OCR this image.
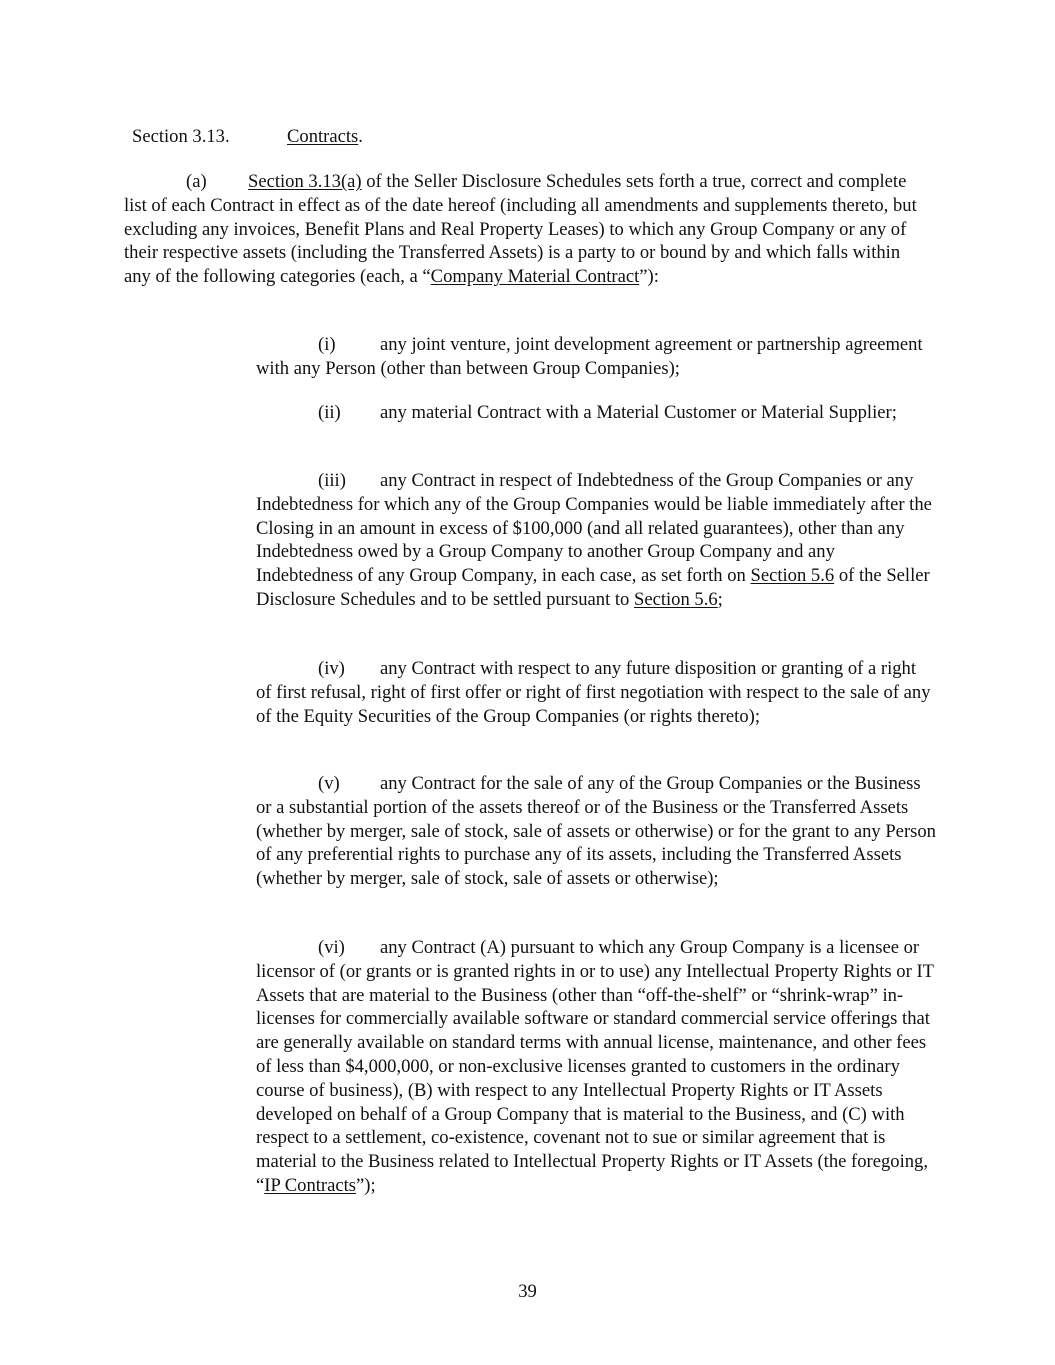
Section 3.13.	Contracts.
(a) Section 3.13(a) of the Seller Disclosure Schedules sets forth a true, correct and complete list of each Contract in effect as of the date hereof (including all amendments and supplements thereto, but excluding any invoices, Benefit Plans and Real Property Leases) to which any Group Company or any of their respective assets (including the Transferred Assets) is a party to or bound by and which falls within any of the following categories (each, a “Company Material Contract”):
(i) any joint venture, joint development agreement or partnership agreement with any Person (other than between Group Companies);
(ii) any material Contract with a Material Customer or Material Supplier;
(iii) any Contract in respect of Indebtedness of the Group Companies or any Indebtedness for which any of the Group Companies would be liable immediately after the Closing in an amount in excess of $100,000 (and all related guarantees), other than any Indebtedness owed by a Group Company to another Group Company and any Indebtedness of any Group Company, in each case, as set forth on Section 5.6 of the Seller Disclosure Schedules and to be settled pursuant to Section 5.6;
(iv) any Contract with respect to any future disposition or granting of a right of first refusal, right of first offer or right of first negotiation with respect to the sale of any of the Equity Securities of the Group Companies (or rights thereto);
(v) any Contract for the sale of any of the Group Companies or the Business or a substantial portion of the assets thereof or of the Business or the Transferred Assets (whether by merger, sale of stock, sale of assets or otherwise) or for the grant to any Person of any preferential rights to purchase any of its assets, including the Transferred Assets (whether by merger, sale of stock, sale of assets or otherwise);
(vi) any Contract (A) pursuant to which any Group Company is a licensee or licensor of (or grants or is granted rights in or to use) any Intellectual Property Rights or IT Assets that are material to the Business (other than “off-the-shelf” or “shrink-wrap” in-licenses for commercially available software or standard commercial service offerings that are generally available on standard terms with annual license, maintenance, and other fees of less than $4,000,000, or non-exclusive licenses granted to customers in the ordinary course of business), (B) with respect to any Intellectual Property Rights or IT Assets developed on behalf of a Group Company that is material to the Business, and (C) with respect to a settlement, co-existence, covenant not to sue or similar agreement that is material to the Business related to Intellectual Property Rights or IT Assets (the foregoing, “IP Contracts”);
39
